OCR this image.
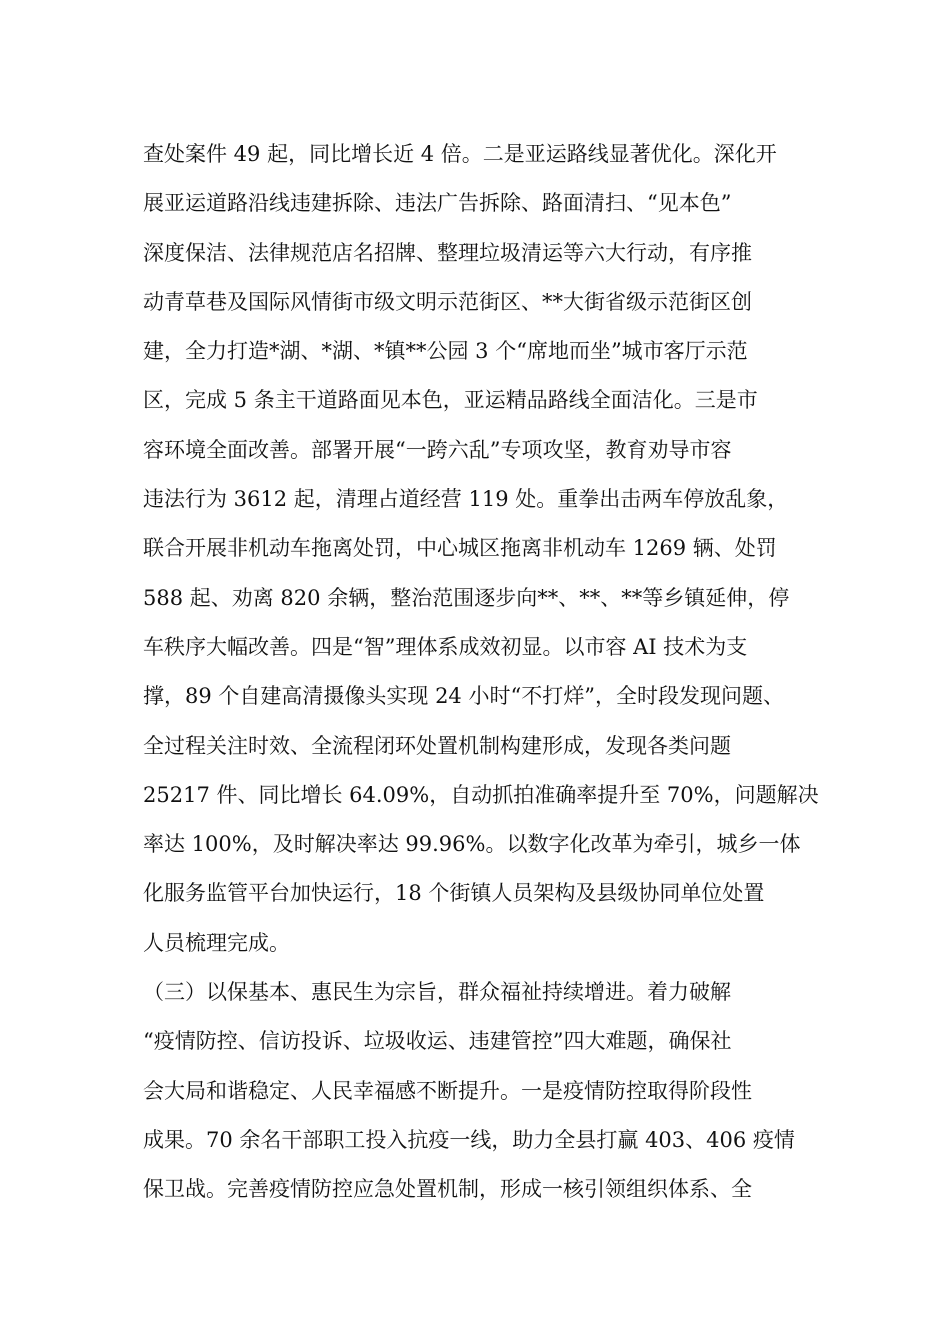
查处案件 49 起，同比增长近 4 倍。二是亚运路线显著优化。深化开
展亚运道路沿线违建拆除、违法广告拆除、路面清扫、“见本色”
深度保洁、法律规范店名招牌、整理垃圾清运等六大行动，有序推
动青草巷及国际风情街市级文明示范街区、**大街省级示范街区创
建，全力打造*湖、*湖、*镇**公园 3 个“席地而坐”城市客厅示范
区，完成 5 条主干道路面见本色，亚运精品路线全面洁化。三是市
容环境全面改善。部署开展“一跨六乱”专项攻坚，教育劝导市容
违法行为 3612 起，清理占道经营 119 处。重拳出击两车停放乱象，
联合开展非机动车拖离处罚，中心城区拖离非机动车 1269 辆、处罚
588 起、劝离 820 余辆，整治范围逐步向**、**、**等乡镇延伸，停
车秩序大幅改善。四是“智”理体系成效初显。以市容 AI 技术为支
撑，89 个自建高清摄像头实现 24 小时“不打烊”，全时段发现问题、
全过程关注时效、全流程闭环处置机制构建形成，发现各类问题
25217 件、同比增长 64.09%，自动抓拍准确率提升至 70%，问题解决
率达 100%，及时解决率达 99.96%。以数字化改革为牵引，城乡一体
化服务监管平台加快运行，18 个街镇人员架构及县级协同单位处置
人员梳理完成。
（三）以保基本、惠民生为宗旨，群众福祉持续增进。着力破解
“疫情防控、信访投诉、垃圾收运、违建管控”四大难题，确保社
会大局和谐稳定、人民幸福感不断提升。一是疫情防控取得阶段性
成果。70 余名干部职工投入抗疫一线，助力全县打赢 403、406 疫情
保卫战。完善疫情防控应急处置机制，形成一核引领组织体系、全
